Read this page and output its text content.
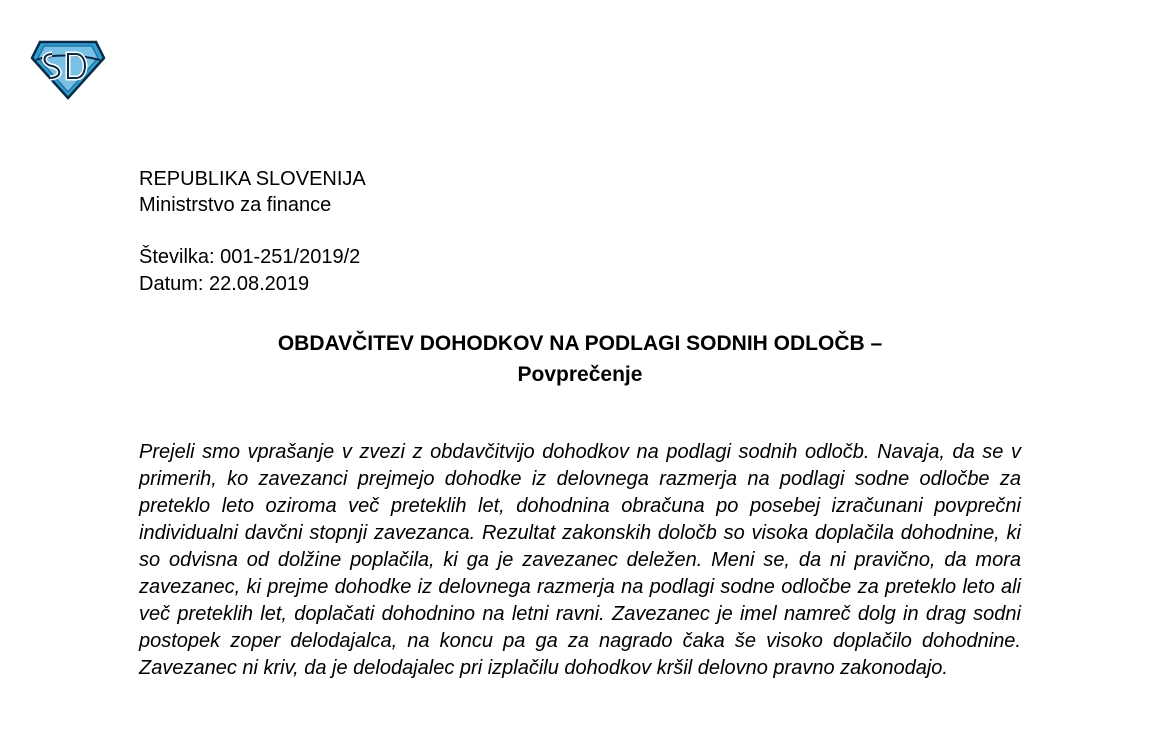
REPUBLIKA SLOVENIJA
Ministrstvo za finance
Številka: 001-251/2019/2
Datum: 22.08.2019
OBDAVČITEV DOHODKOV NA PODLAGI SODNIH ODLOČB –
Povprečenje

Prejeli smo vprašanje v zvezi z obdavčitvijo dohodkov na podlagi sodnih odločb. Navaja, da se v primerih, ko zavezanci prejmejo dohodke iz delovnega razmerja na podlagi sodne odločbe za preteklo leto oziroma več preteklih let, dohodnina obračuna po posebej izračunani povprečni individualni davčni stopnji zavezanca. Rezultat zakonskih določb so visoka doplačila dohodnine, ki so odvisna od dolžine poplačila, ki ga je zavezanec deležen. Meni se, da ni pravično, da mora zavezanec, ki prejme dohodke iz delovnega razmerja na podlagi sodne odločbe za preteklo leto ali več preteklih let, doplačati dohodnino na letni ravni. Zavezanec je imel namreč dolg in drag sodni postopek zoper delodajalca, na koncu pa ga za nagrado čaka še visoko doplačilo dohodnine. Zavezanec ni kriv, da je delodajalec pri izplačilu dohodkov kršil delovno pravno zakonodajo.
